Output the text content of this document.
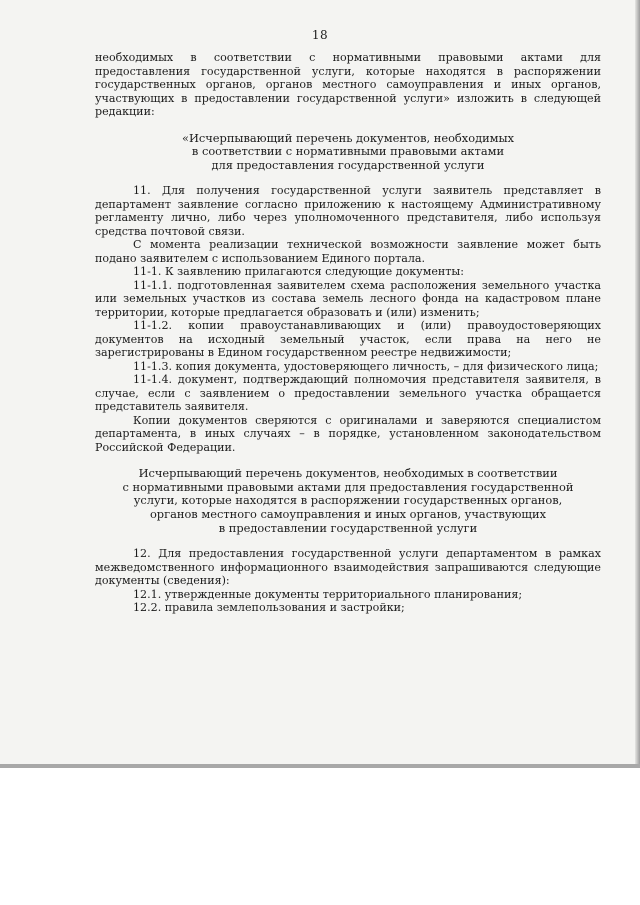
18

необходимых в соответствии с нормативными правовыми актами для предоставления государственной услуги, которые находятся в распоряжении государственных органов, органов местного самоуправления и иных органов, участвующих в предоставлении государственной услуги» изложить в следующей редакции:

«Исчерпывающий перечень документов, необходимых
в соответствии с нормативными правовыми актами
для предоставления государственной услуги

11. Для получения государственной услуги заявитель представляет в департамент заявление согласно приложению к настоящему Административному регламенту лично, либо через уполномоченного представителя, либо используя средства почтовой связи.

С момента реализации технической возможности заявление может быть подано заявителем с использованием Единого портала.

11-1. К заявлению прилагаются следующие документы:

11-1.1. подготовленная заявителем схема расположения земельного участка или земельных участков из состава земель лесного фонда на кадастровом плане территории, которые предлагается образовать и (или) изменить;

11-1.2. копии правоустанавливающих и (или) правоудостоверяющих документов на исходный земельный участок, если права на него не зарегистрированы в Едином государственном реестре недвижимости;

11-1.3. копия документа, удостоверяющего личность, – для физического лица;

11-1.4. документ, подтверждающий полномочия представителя заявителя, в случае, если с заявлением о предоставлении земельного участка обращается представитель заявителя.

Копии документов сверяются с оригиналами и заверяются специалистом департамента, в иных случаях – в порядке, установленном законодательством Российской Федерации.

Исчерпывающий перечень документов, необходимых в соответствии
с нормативными правовыми актами для предоставления государственной
услуги, которые находятся в распоряжении государственных органов,
органов местного самоуправления и иных органов, участвующих
в предоставлении государственной услуги

12. Для предоставления государственной услуги департаментом в рамках межведомственного информационного взаимодействия запрашиваются следующие документы (сведения):

12.1. утвержденные документы территориального планирования;

12.2. правила землепользования и застройки;
